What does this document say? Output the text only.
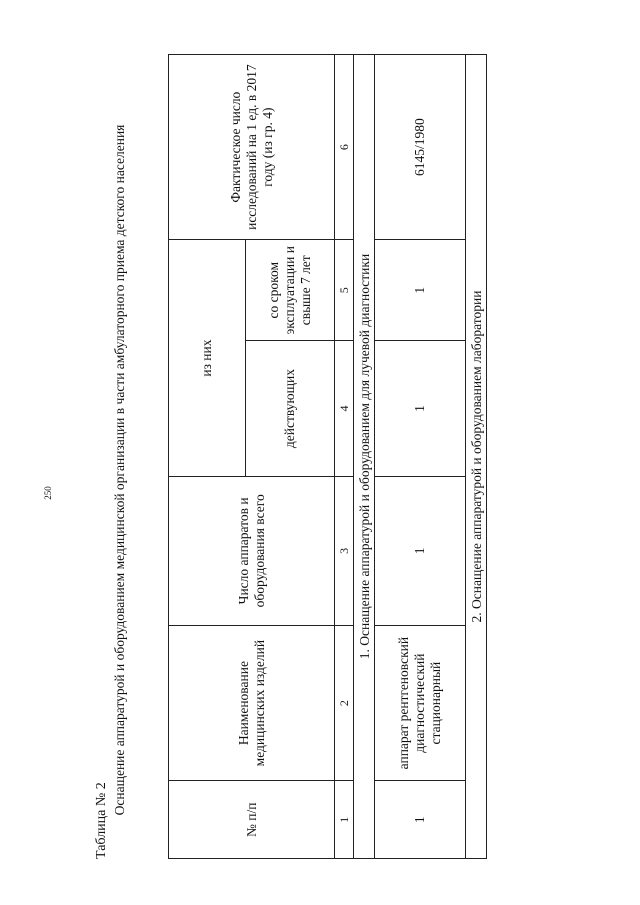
250
Таблица № 2
Оснащение аппаратурой и оборудованием медицинской организации в части амбулаторного приема детского населения
№ п/п	Наименование медицинских изделий	Число аппаратов и оборудования всего	из них		Фактическое число исследований на 1 ед. в 2017 году (из гр. 4)
			действующих	со сроком эксплуатации и свыше 7 лет	
1	2	3	4	5	6
1. Оснащение аппаратурой и оборудованием для лучевой диагностики					
1	аппарат рентгеновский диагностический стационарный	1	1	1	6145/1980
2. Оснащение аппаратурой и оборудованием лаборатории					
